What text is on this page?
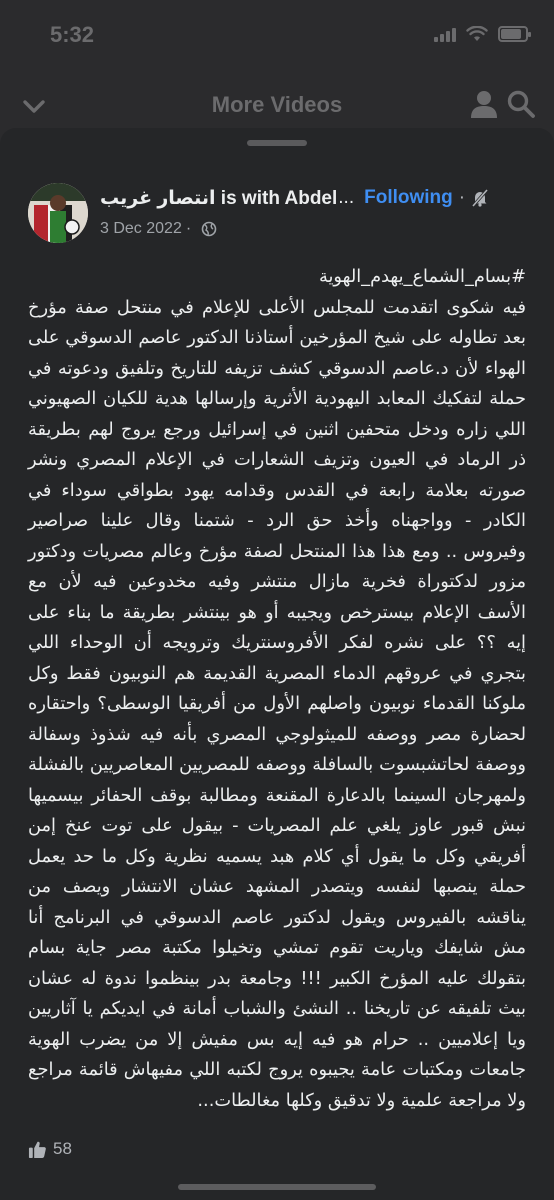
5:32
More Videos
انتصار غريب is with Abdel ... Following ·
3 Dec 2022 ·

#بسام_الشماع_يهدم_الهوية

فيه شكوى اتقدمت للمجلس الأعلى للإعلام في منتحل صفة مؤرخ بعد تطاوله على شيخ المؤرخين أستاذنا الدكتور عاصم الدسوقي على الهواء لأن د.عاصم الدسوقي كشف تزيفه للتاريخ وتلفيق ودعوته في حملة لتفكيك المعابد اليهودية الأثرية وإرسالها هدية للكيان الصهيوني اللي زاره ودخل متحفين اثنين في إسرائيل ورجع يروج لهم بطريقة ذر الرماد في العيون وتزيف الشعارات في الإعلام المصري ونشر صورته بعلامة رابعة في القدس وقدامه يهود بطواقي سوداء في الكادر - وواجهناه وأخذ حق الرد - شتمنا وقال علينا صراصير وفيروس .. ومع هذا هذا المنتحل لصفة مؤرخ وعالم مصريات ودكتور مزور لدكتوراة فخرية مازال منتشر وفيه مخدوعين فيه لأن مع الأسف الإعلام بيسترخص ويجيبه أو هو بينتشر بطريقة ما بناء على إيه ؟؟ على نشره لفكر الأفروسنتريك وترويجه أن الوحداء اللي بتجري في عروقهم الدماء المصرية القديمة هم النوبيون فقط وكل ملوكنا القدماء نوبيون واصلهم الأول من أفريقيا الوسطى؟ واحتقاره لحضارة مصر ووصفه للميثولوجي المصري بأنه فيه شذوذ وسفالة ووصفة لحاتشبسوت بالسافلة ووصفه للمصريين المعاصريين بالفشلة ولمهرجان السينما بالدعارة المقنعة ومطالبة بوقف الحفائر بيسميها نبش قبور عاوز يلغي علم المصريات - بيقول على توت عنخ إمن أفريقي وكل ما يقول أي كلام هبد يسميه نظرية وكل ما حد يعمل حملة ينصبها لنفسه ويتصدر المشهد عشان الانتشار ويصف من يناقشه بالفيروس ويقول لدكتور عاصم الدسوقي في البرنامج أنا مش شايفك وياريت تقوم تمشي وتخيلوا مكتبة مصر جاية بسام بتقولك عليه المؤرخ الكبير !!! وجامعة بدر بينظموا ندوة له عشان بيث تلفيقه عن تاريخنا .. النشئ والشباب أمانة في ايديكم يا آثاريين ويا إعلاميين .. حرام هو فيه إيه بس مفيش إلا من يضرب الهوية جامعات ومكتبات عامة يجيبوه يروج لكتبه اللي مفيهاش قائمة مراجع ولا مراجعة علمية ولا تدقيق وكلها مغالطات...

58
